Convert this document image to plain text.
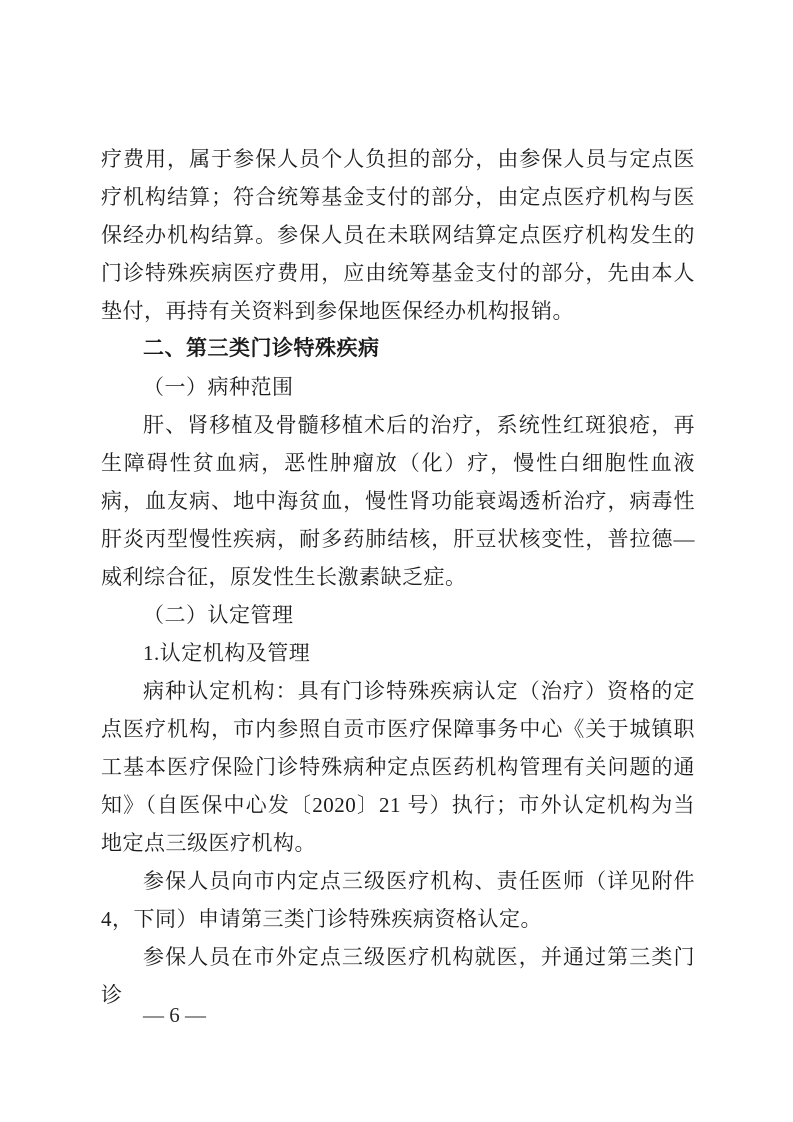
疗费用，属于参保人员个人负担的部分，由参保人员与定点医疗机构结算；符合统筹基金支付的部分，由定点医疗机构与医保经办机构结算。参保人员在未联网结算定点医疗机构发生的门诊特殊疾病医疗费用，应由统筹基金支付的部分，先由本人垫付，再持有关资料到参保地医保经办机构报销。

二、第三类门诊特殊疾病

（一）病种范围

肝、肾移植及骨髓移植术后的治疗，系统性红斑狼疮，再生障碍性贫血病，恶性肿瘤放（化）疗，慢性白细胞性血液病，血友病、地中海贫血，慢性肾功能衰竭透析治疗，病毒性肝炎丙型慢性疾病，耐多药肺结核，肝豆状核变性，普拉德—威利综合征，原发性生长激素缺乏症。

（二）认定管理

1.认定机构及管理

病种认定机构：具有门诊特殊疾病认定（治疗）资格的定点医疗机构，市内参照自贡市医疗保障事务中心《关于城镇职工基本医疗保险门诊特殊病种定点医药机构管理有关问题的通知》（自医保中心发〔2020〕21 号）执行；市外认定机构为当地定点三级医疗机构。

参保人员向市内定点三级医疗机构、责任医师（详见附件 4，下同）申请第三类门诊特殊疾病资格认定。

参保人员在市外定点三级医疗机构就医，并通过第三类门诊

— 6 —
